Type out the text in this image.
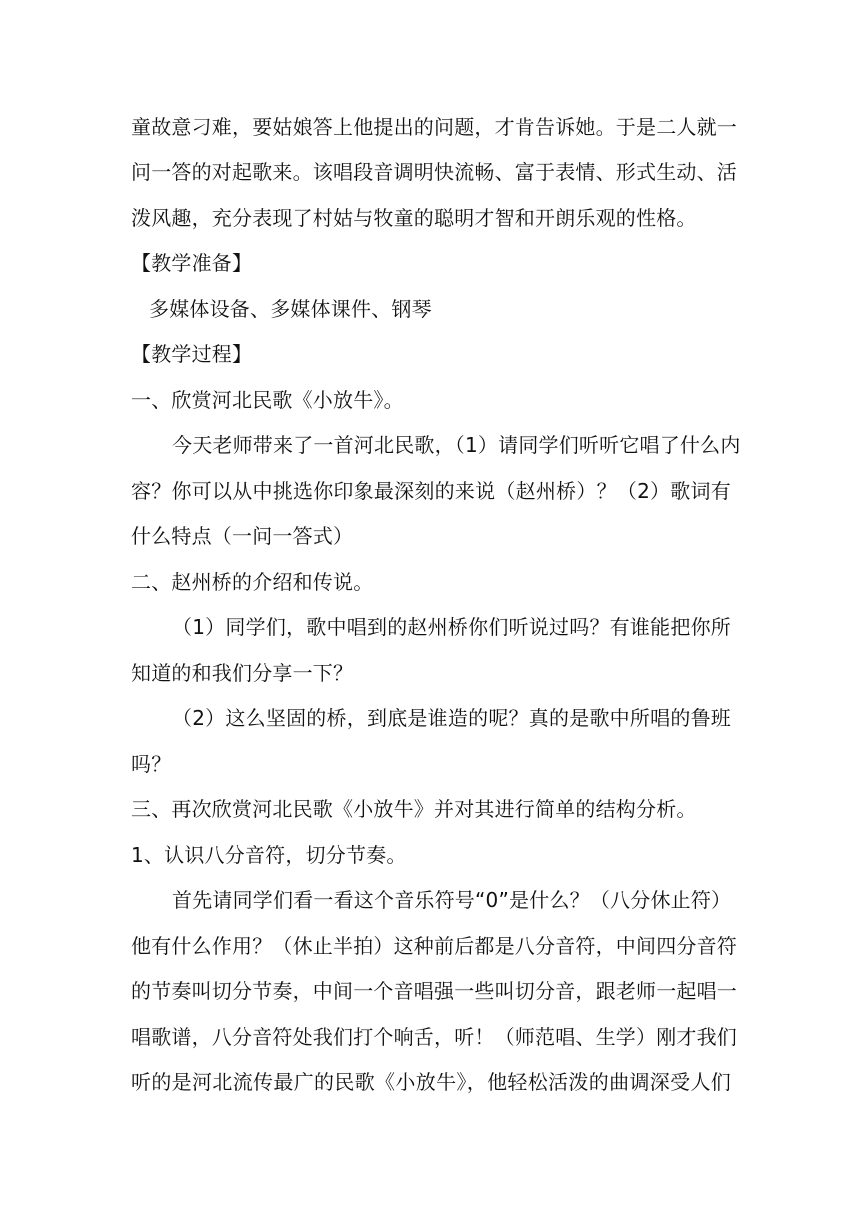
童故意刁难，要姑娘答上他提出的问题，才肯告诉她。于是二人就一
问一答的对起歌来。该唱段音调明快流畅、富于表情、形式生动、活
泼风趣，充分表现了村姑与牧童的聪明才智和开朗乐观的性格。
【教学准备】
多媒体设备、多媒体课件、钢琴
【教学过程】
一、欣赏河北民歌《小放牛》。
今天老师带来了一首河北民歌，（1）请同学们听听它唱了什么内
容？你可以从中挑选你印象最深刻的来说（赵州桥）？（2）歌词有
什么特点（一问一答式）
二、赵州桥的介绍和传说。
（1）同学们，歌中唱到的赵州桥你们听说过吗？有谁能把你所
知道的和我们分享一下？
（2）这么坚固的桥，到底是谁造的呢？真的是歌中所唱的鲁班
吗？
三、再次欣赏河北民歌《小放牛》并对其进行简单的结构分析。
1、认识八分音符，切分节奏。
首先请同学们看一看这个音乐符号“0”是什么？（八分休止符）
他有什么作用？（休止半拍）这种前后都是八分音符，中间四分音符
的节奏叫切分节奏，中间一个音唱强一些叫切分音，跟老师一起唱一
唱歌谱，八分音符处我们打个响舌，听！（师范唱、生学）刚才我们
听的是河北流传最广的民歌《小放牛》，他轻松活泼的曲调深受人们
